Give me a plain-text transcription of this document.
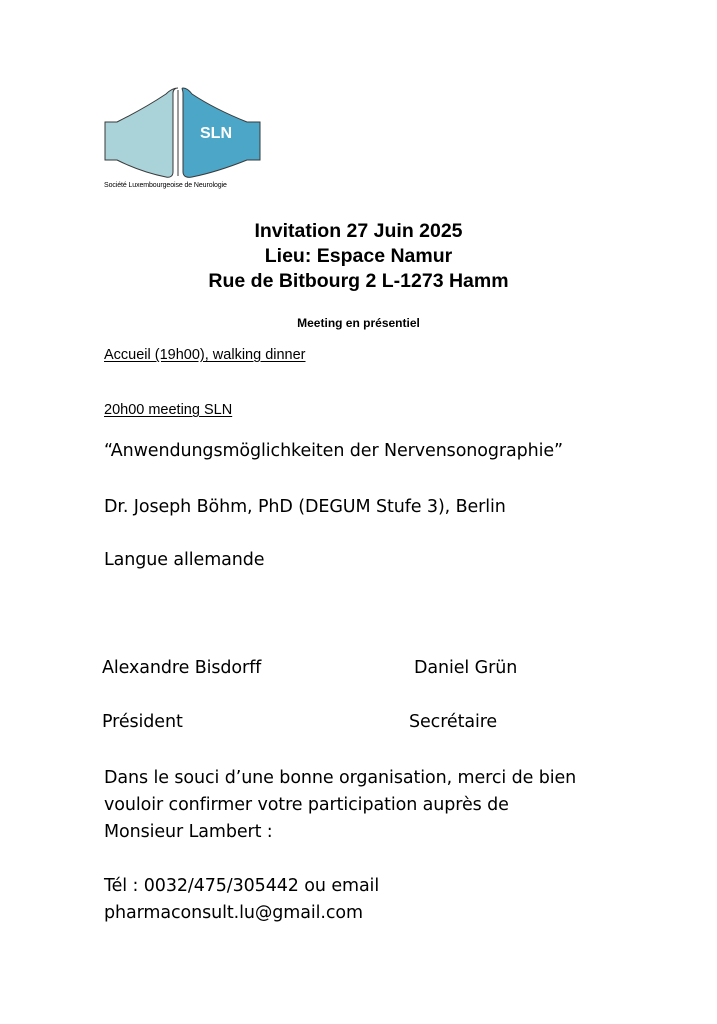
SLN
Société Luxembourgeoise de Neurologie
Invitation 27 Juin 2025
Lieu: Espace Namur
Rue de Bitbourg 2 L-1273 Hamm
Meeting en présentiel
Accueil (19h00), walking dinner
20h00 meeting SLN
“Anwendungsmöglichkeiten der Nervensonographie”
Dr. Joseph Böhm, PhD (DEGUM Stufe 3), Berlin
Langue allemande
Alexandre Bisdorff	Daniel Grün
Président	Secrétaire
Dans le souci d’une bonne organisation, merci de bien
vouloir confirmer votre participation auprès de
Monsieur Lambert :
Tél : 0032/475/305442 ou email
pharmaconsult.lu@gmail.com
